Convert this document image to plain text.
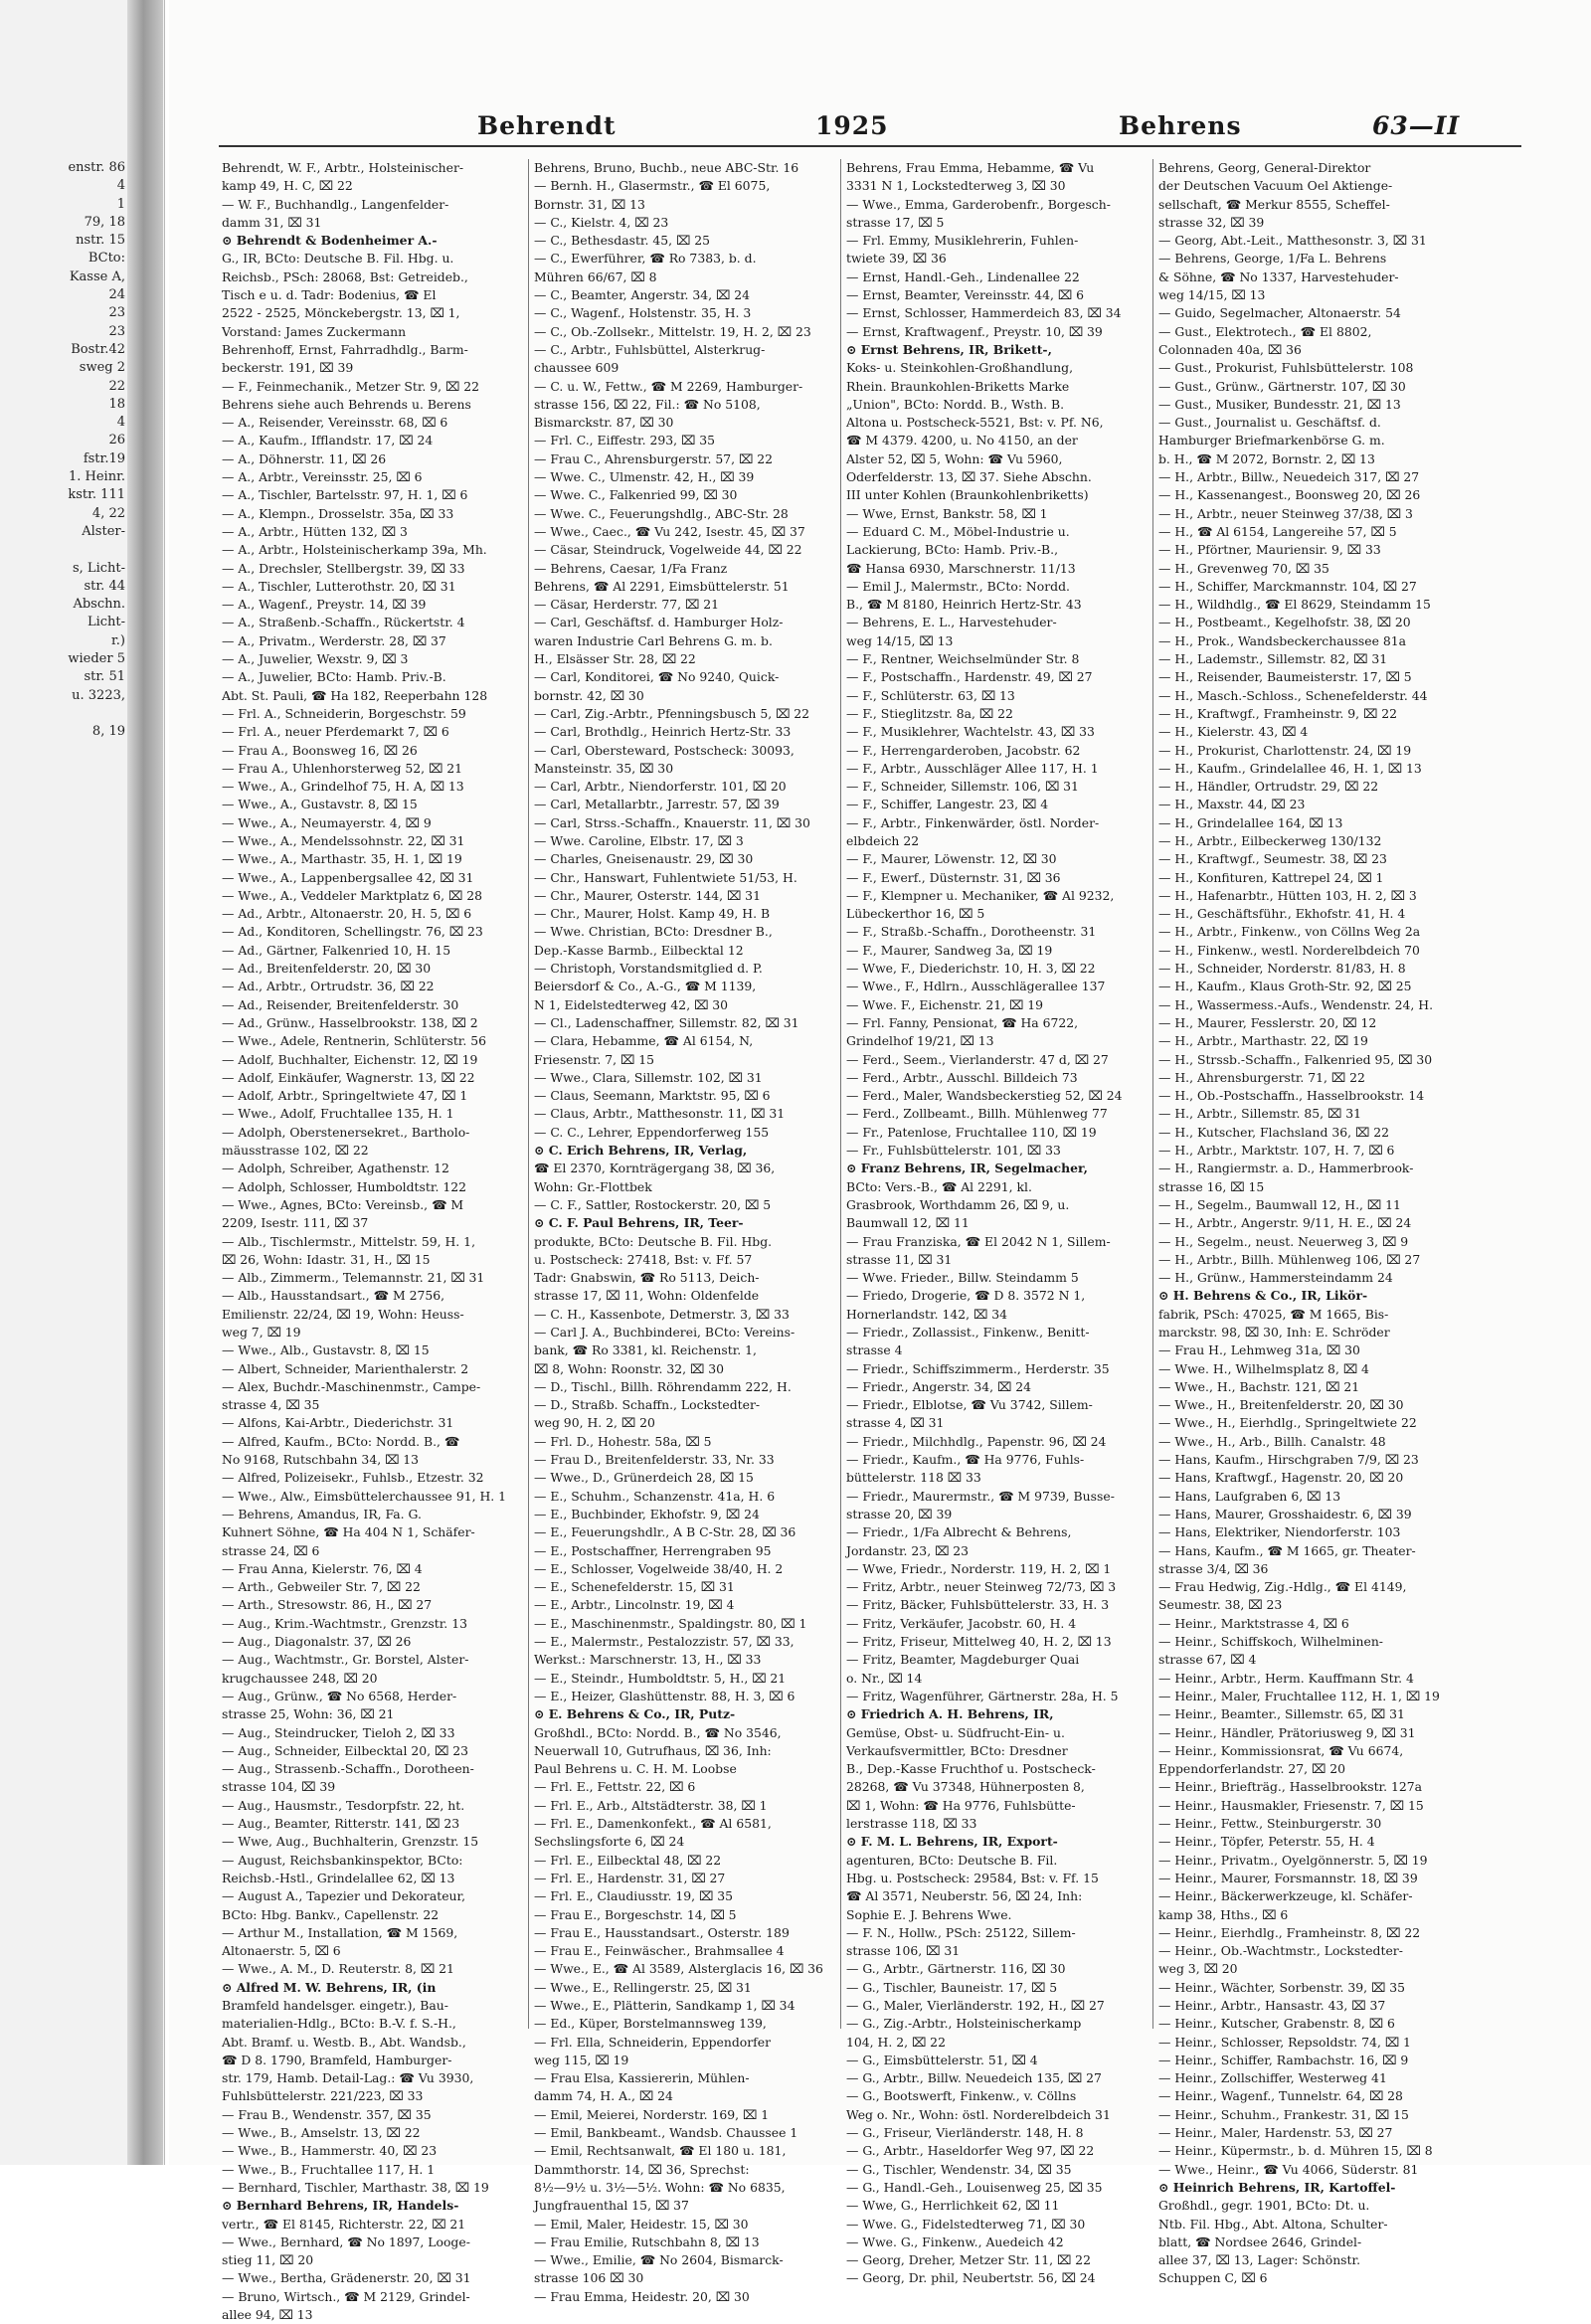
enstr. 86
4
1
79, 18
nstr. 15
BCto:
Kasse A,
24
23
23
Bostr.42
sweg 2
22
18
4
26
fstr.19
1. Heinr.
kstr. 111
4, 22
Alster-
s, Licht-
str. 44
Abschn.
Licht-
r.)
wieder 5
str. 51
u. 3223,
8, 19
Behrendt	1925	Behrens	63—II
Behrendt, W. F., Arbtr., Holsteinischer-
kamp 49, H. C, ⌧ 22
— W. F., Buchhandlg., Langenfelder-
damm 31, ⌧ 31
⊙ Behrendt & Bodenheimer A.-
G., IR, BCto: Deutsche B. Fil. Hbg. u.
Reichsb., PSch: 28068, Bst: Getreideb.,
Tisch e u. d. Tadr: Bodenius, ☎ El
2522 - 2525, Mönckebergstr. 13, ⌧ 1,
Vorstand: James Zuckermann
Behrenhoff, Ernst, Fahrradhdlg., Barm-
beckerstr. 191, ⌧ 39
— F., Feinmechanik., Metzer Str. 9, ⌧ 22
Behrens siehe auch Behrends u. Berens
— A., Reisender, Vereinsstr. 68, ⌧ 6
— A., Kaufm., Ifflandstr. 17, ⌧ 24
— A., Döhnerstr. 11, ⌧ 26
— A., Arbtr., Vereinsstr. 25, ⌧ 6
— A., Tischler, Bartelsstr. 97, H. 1, ⌧ 6
— A., Klempn., Drosselstr. 35a, ⌧ 33
— A., Arbtr., Hütten 132, ⌧ 3
— A., Arbtr., Holsteinischerkamp 39a, Mh.
— A., Drechsler, Stellbergstr. 39, ⌧ 33
— A., Tischler, Lutterothstr. 20, ⌧ 31
— A., Wagenf., Preystr. 14, ⌧ 39
— A., Straßenb.-Schaffn., Rückertstr. 4
— A., Privatm., Werderstr. 28, ⌧ 37
— A., Juwelier, Wexstr. 9, ⌧ 3
— A., Juwelier, BCto: Hamb. Priv.-B.
Abt. St. Pauli, ☎ Ha 182, Reeperbahn 128
— Frl. A., Schneiderin, Borgeschstr. 59
— Frl. A., neuer Pferdemarkt 7, ⌧ 6
— Frau A., Boonsweg 16, ⌧ 26
— Frau A., Uhlenhorsterweg 52, ⌧ 21
— Wwe., A., Grindelhof 75, H. A, ⌧ 13
— Wwe., A., Gustavstr. 8, ⌧ 15
— Wwe., A., Neumayerstr. 4, ⌧ 9
— Wwe., A., Mendelssohnstr. 22, ⌧ 31
— Wwe., A., Marthastr. 35, H. 1, ⌧ 19
— Wwe., A., Lappenbergsallee 42, ⌧ 31
— Wwe., A., Veddeler Marktplatz 6, ⌧ 28
— Ad., Arbtr., Altonaerstr. 20, H. 5, ⌧ 6
— Ad., Konditoren, Schellingstr. 76, ⌧ 23
— Ad., Gärtner, Falkenried 10, H. 15
— Ad., Breitenfelderstr. 20, ⌧ 30
— Ad., Arbtr., Ortrudstr. 36, ⌧ 22
— Ad., Reisender, Breitenfelderstr. 30
— Ad., Grünw., Hasselbrookstr. 138, ⌧ 2
— Wwe., Adele, Rentnerin, Schlüterstr. 56
— Adolf, Buchhalter, Eichenstr. 12, ⌧ 19
— Adolf, Einkäufer, Wagnerstr. 13, ⌧ 22
— Adolf, Arbtr., Springeltwiete 47, ⌧ 1
— Wwe., Adolf, Fruchtallee 135, H. 1
— Adolph, Oberstenersekret., Bartholo-
mäusstrasse 102, ⌧ 22
— Adolph, Schreiber, Agathenstr. 12
— Adolph, Schlosser, Humboldtstr. 122
— Wwe., Agnes, BCto: Vereinsb., ☎ M
2209, Isestr. 111, ⌧ 37
— Alb., Tischlermstr., Mittelstr. 59, H. 1,
⌧ 26, Wohn: Idastr. 31, H., ⌧ 15
— Alb., Zimmerm., Telemannstr. 21, ⌧ 31
— Alb., Hausstandsart., ☎ M 2756,
Emilienstr. 22/24, ⌧ 19, Wohn: Heuss-
weg 7, ⌧ 19
— Wwe., Alb., Gustavstr. 8, ⌧ 15
— Albert, Schneider, Marienthalerstr. 2
— Alex, Buchdr.-Maschinenmstr., Campe-
strasse 4, ⌧ 35
— Alfons, Kai-Arbtr., Diederichstr. 31
— Alfred, Kaufm., BCto: Nordd. B., ☎
No 9168, Rutschbahn 34, ⌧ 13
— Alfred, Polizeisekr., Fuhlsb., Etzestr. 32
— Wwe., Alw., Eimsbüttelerchaussee 91, H. 1
— Behrens, Amandus, IR, Fa. G.
Kuhnert Söhne, ☎ Ha 404 N 1, Schäfer-
strasse 24, ⌧ 6
— Frau Anna, Kielerstr. 76, ⌧ 4
— Arth., Gebweiler Str. 7, ⌧ 22
— Arth., Stresowstr. 86, H., ⌧ 27
— Aug., Krim.-Wachtmstr., Grenzstr. 13
— Aug., Diagonalstr. 37, ⌧ 26
— Aug., Wachtmstr., Gr. Borstel, Alster-
krugchaussee 248, ⌧ 20
— Aug., Grünw., ☎ No 6568, Herder-
strasse 25, Wohn: 36, ⌧ 21
— Aug., Steindrucker, Tieloh 2, ⌧ 33
— Aug., Schneider, Eilbecktal 20, ⌧ 23
— Aug., Strassenb.-Schaffn., Dorotheen-
strasse 104, ⌧ 39
— Aug., Hausmstr., Tesdorpfstr. 22, ht.
— Aug., Beamter, Ritterstr. 141, ⌧ 23
— Wwe, Aug., Buchhalterin, Grenzstr. 15
— August, Reichsbankinspektor, BCto:
Reichsb.-Hstl., Grindelallee 62, ⌧ 13
— August A., Tapezier und Dekorateur,
BCto: Hbg. Bankv., Capellenstr. 22
— Arthur M., Installation, ☎ M 1569,
Altonaerstr. 5, ⌧ 6
— Wwe., A. M., D. Reuterstr. 8, ⌧ 21
⊙ Alfred M. W. Behrens, IR, (in
Bramfeld handelsger. eingetr.), Bau-
materialien-Hdlg., BCto: B.-V. f. S.-H.,
Abt. Bramf. u. Westb. B., Abt. Wandsb.,
☎ D 8. 1790, Bramfeld, Hamburger-
str. 179, Hamb. Detail-Lag.: ☎ Vu 3930,
Fuhlsbüttelerstr. 221/223, ⌧ 33
— Frau B., Wendenstr. 357, ⌧ 35
— Wwe., B., Amselstr. 13, ⌧ 22
— Wwe., B., Hammerstr. 40, ⌧ 23
— Wwe., B., Fruchtallee 117, H. 1
— Bernhard, Tischler, Marthastr. 38, ⌧ 19
⊙ Bernhard Behrens, IR, Handels-
vertr., ☎ El 8145, Richterstr. 22, ⌧ 21
— Wwe., Bernhard, ☎ No 1897, Looge-
stieg 11, ⌧ 20
— Wwe., Bertha, Grädenerstr. 20, ⌧ 31
— Bruno, Wirtsch., ☎ M 2129, Grindel-
allee 94, ⌧ 13
Behrens, Bruno, Buchb., neue ABC-Str. 16
— Bernh. H., Glasermstr., ☎ El 6075,
Bornstr. 31, ⌧ 13
— C., Kielstr. 4, ⌧ 23
— C., Bethesdastr. 45, ⌧ 25
— C., Ewerführer, ☎ Ro 7383, b. d.
Mühren 66/67, ⌧ 8
— C., Beamter, Angerstr. 34, ⌧ 24
— C., Wagenf., Holstenstr. 35, H. 3
— C., Ob.-Zollsekr., Mittelstr. 19, H. 2, ⌧ 23
— C., Arbtr., Fuhlsbüttel, Alsterkrug-
chaussee 609
— C. u. W., Fettw., ☎ M 2269, Hamburger-
strasse 156, ⌧ 22, Fil.: ☎ No 5108,
Bismarckstr. 87, ⌧ 30
— Frl. C., Eiffestr. 293, ⌧ 35
— Frau C., Ahrensburgerstr. 57, ⌧ 22
— Wwe. C., Ulmenstr. 42, H., ⌧ 39
— Wwe. C., Falkenried 99, ⌧ 30
— Wwe. C., Feuerungshdlg., ABC-Str. 28
— Wwe., Caec., ☎ Vu 242, Isestr. 45, ⌧ 37
— Cäsar, Steindruck, Vogelweide 44, ⌧ 22
— Behrens, Caesar, 1/Fa Franz
Behrens, ☎ Al 2291, Eimsbüttelerstr. 51
— Cäsar, Herderstr. 77, ⌧ 21
— Carl, Geschäftsf. d. Hamburger Holz-
waren Industrie Carl Behrens G. m. b.
H., Elsässer Str. 28, ⌧ 22
— Carl, Konditorei, ☎ No 9240, Quick-
bornstr. 42, ⌧ 30
— Carl, Zig.-Arbtr., Pfenningsbusch 5, ⌧ 22
— Carl, Brothdlg., Heinrich Hertz-Str. 33
— Carl, Obersteward, Postscheck: 30093,
Mansteinstr. 35, ⌧ 30
— Carl, Arbtr., Niendorferstr. 101, ⌧ 20
— Carl, Metallarbtr., Jarrestr. 57, ⌧ 39
— Carl, Strss.-Schaffn., Knauerstr. 11, ⌧ 30
— Wwe. Caroline, Elbstr. 17, ⌧ 3
— Charles, Gneisenaustr. 29, ⌧ 30
— Chr., Hanswart, Fuhlentwiete 51/53, H.
— Chr., Maurer, Osterstr. 144, ⌧ 31
— Chr., Maurer, Holst. Kamp 49, H. B
— Wwe. Christian, BCto: Dresdner B.,
Dep.-Kasse Barmb., Eilbecktal 12
— Christoph, Vorstandsmitglied d. P.
Beiersdorf & Co., A.-G., ☎ M 1139,
N 1, Eidelstedterweg 42, ⌧ 30
— Cl., Ladenschaffner, Sillemstr. 82, ⌧ 31
— Clara, Hebamme, ☎ Al 6154, N,
Friesenstr. 7, ⌧ 15
— Wwe., Clara, Sillemstr. 102, ⌧ 31
— Claus, Seemann, Marktstr. 95, ⌧ 6
— Claus, Arbtr., Matthesonstr. 11, ⌧ 31
— C. C., Lehrer, Eppendorferweg 155
⊙ C. Erich Behrens, IR, Verlag,
☎ El 2370, Kornträgergang 38, ⌧ 36,
Wohn: Gr.-Flottbek
— C. F., Sattler, Rostockerstr. 20, ⌧ 5
⊙ C. F. Paul Behrens, IR, Teer-
produkte, BCto: Deutsche B. Fil. Hbg.
u. Postscheck: 27418, Bst: v. Ff. 57
Tadr: Gnabswin, ☎ Ro 5113, Deich-
strasse 17, ⌧ 11, Wohn: Oldenfelde
— C. H., Kassenbote, Detmerstr. 3, ⌧ 33
— Carl J. A., Buchbinderei, BCto: Vereins-
bank, ☎ Ro 3381, kl. Reichenstr. 1,
⌧ 8, Wohn: Roonstr. 32, ⌧ 30
— D., Tischl., Billh. Röhrendamm 222, H.
— D., Straßb. Schaffn., Lockstedter-
weg 90, H. 2, ⌧ 20
— Frl. D., Hohestr. 58a, ⌧ 5
— Frau D., Breitenfelderstr. 33, Nr. 33
— Wwe., D., Grünerdeich 28, ⌧ 15
— E., Schuhm., Schanzenstr. 41a, H. 6
— E., Buchbinder, Ekhofstr. 9, ⌧ 24
— E., Feuerungshdlr., A B C-Str. 28, ⌧ 36
— E., Postschaffner, Herrengraben 95
— E., Schlosser, Vogelweide 38/40, H. 2
— E., Schenefelderstr. 15, ⌧ 31
— E., Arbtr., Lincolnstr. 19, ⌧ 4
— E., Maschinenmstr., Spaldingstr. 80, ⌧ 1
— E., Malermstr., Pestalozzistr. 57, ⌧ 33,
Werkst.: Marschnerstr. 13, H., ⌧ 33
— E., Steindr., Humboldtstr. 5, H., ⌧ 21
— E., Heizer, Glashüttenstr. 88, H. 3, ⌧ 6
⊙ E. Behrens & Co., IR, Putz-
Großhdl., BCto: Nordd. B., ☎ No 3546,
Neuerwall 10, Gutrufhaus, ⌧ 36, Inh:
Paul Behrens u. C. H. M. Loobse
— Frl. E., Fettstr. 22, ⌧ 6
— Frl. E., Arb., Altstädterstr. 38, ⌧ 1
— Frl. E., Damenkonfekt., ☎ Al 6581,
Sechslingsforte 6, ⌧ 24
— Frl. E., Eilbecktal 48, ⌧ 22
— Frl. E., Hardenstr. 31, ⌧ 27
— Frl. E., Claudiusstr. 19, ⌧ 35
— Frau E., Borgeschstr. 14, ⌧ 5
— Frau E., Hausstandsart., Osterstr. 189
— Frau E., Feinwäscher., Brahmsallee 4
— Wwe., E., ☎ Al 3589, Alsterglacis 16, ⌧ 36
— Wwe., E., Rellingerstr. 25, ⌧ 31
— Wwe., E., Plätterin, Sandkamp 1, ⌧ 34
— Ed., Küper, Borstelmannsweg 139,
— Frl. Ella, Schneiderin, Eppendorfer
weg 115, ⌧ 19
— Frau Elsa, Kassiererin, Mühlen-
damm 74, H. A., ⌧ 24
— Emil, Meierei, Norderstr. 169, ⌧ 1
— Emil, Bankbeamt., Wandsb. Chaussee 1
— Emil, Rechtsanwalt, ☎ El 180 u. 181,
Dammthorstr. 14, ⌧ 36, Sprechst:
8½—9½ u. 3½—5½. Wohn: ☎ No 6835,
Jungfrauenthal 15, ⌧ 37
— Emil, Maler, Heidestr. 15, ⌧ 30
— Frau Emilie, Rutschbahn 8, ⌧ 13
— Wwe., Emilie, ☎ No 2604, Bismarck-
strasse 106 ⌧ 30
— Frau Emma, Heidestr. 20, ⌧ 30
Behrens, Frau Emma, Hebamme, ☎ Vu
3331 N 1, Lockstedterweg 3, ⌧ 30
— Wwe., Emma, Garderobenfr., Borgesch-
strasse 17, ⌧ 5
— Frl. Emmy, Musiklehrerin, Fuhlen-
twiete 39, ⌧ 36
— Ernst, Handl.-Geh., Lindenallee 22
— Ernst, Beamter, Vereinsstr. 44, ⌧ 6
— Ernst, Schlosser, Hammerdeich 83, ⌧ 34
— Ernst, Kraftwagenf., Preystr. 10, ⌧ 39
⊙ Ernst Behrens, IR, Brikett-,
Koks- u. Steinkohlen-Großhandlung,
Rhein. Braunkohlen-Briketts Marke
„Union", BCto: Nordd. B., Wsth. B.
Altona u. Postscheck-5521, Bst: v. Pf. N6,
☎ M 4379. 4200, u. No 4150, an der
Alster 52, ⌧ 5, Wohn: ☎ Vu 5960,
Oderfelderstr. 13, ⌧ 37. Siehe Abschn.
III unter Kohlen (Braunkohlenbriketts)
— Wwe, Ernst, Bankstr. 58, ⌧ 1
— Eduard C. M., Möbel-Industrie u.
Lackierung, BCto: Hamb. Priv.-B.,
☎ Hansa 6930, Marschnerstr. 11/13
— Emil J., Malermstr., BCto: Nordd.
B., ☎ M 8180, Heinrich Hertz-Str. 43
— Behrens, E. L., Harvestehuder-
weg 14/15, ⌧ 13
— F., Rentner, Weichselmünder Str. 8
— F., Postschaffn., Hardenstr. 49, ⌧ 27
— F., Schlüterstr. 63, ⌧ 13
— F., Stieglitzstr. 8a, ⌧ 22
— F., Musiklehrer, Wachtelstr. 43, ⌧ 33
— F., Herrengarderoben, Jacobstr. 62
— F., Arbtr., Ausschläger Allee 117, H. 1
— F., Schneider, Sillemstr. 106, ⌧ 31
— F., Schiffer, Langestr. 23, ⌧ 4
— F., Arbtr., Finkenwärder, östl. Norder-
elbdeich 22
— F., Maurer, Löwenstr. 12, ⌧ 30
— F., Ewerf., Düsternstr. 31, ⌧ 36
— F., Klempner u. Mechaniker, ☎ Al 9232,
Lübeckerthor 16, ⌧ 5
— F., Straßb.-Schaffn., Dorotheenstr. 31
— F., Maurer, Sandweg 3a, ⌧ 19
— Wwe, F., Diederichstr. 10, H. 3, ⌧ 22
— Wwe., F., Hdlrn., Ausschlägerallee 137
— Wwe. F., Eichenstr. 21, ⌧ 19
— Frl. Fanny, Pensionat, ☎ Ha 6722,
Grindelhof 19/21, ⌧ 13
— Ferd., Seem., Vierlanderstr. 47 d, ⌧ 27
— Ferd., Arbtr., Ausschl. Billdeich 73
— Ferd., Maler, Wandsbeckerstieg 52, ⌧ 24
— Ferd., Zollbeamt., Billh. Mühlenweg 77
— Fr., Patenlose, Fruchtallee 110, ⌧ 19
— Fr., Fuhlsbüttelerstr. 101, ⌧ 33
⊙ Franz Behrens, IR, Segelmacher,
BCto: Vers.-B., ☎ Al 2291, kl.
Grasbrook, Worthdamm 26, ⌧ 9, u.
Baumwall 12, ⌧ 11
— Frau Franziska, ☎ El 2042 N 1, Sillem-
strasse 11, ⌧ 31
— Wwe. Frieder., Billw. Steindamm 5
— Friedo, Drogerie, ☎ D 8. 3572 N 1,
Hornerlandstr. 142, ⌧ 34
— Friedr., Zollassist., Finkenw., Benitt-
strasse 4
— Friedr., Schiffszimmerm., Herderstr. 35
— Friedr., Angerstr. 34, ⌧ 24
— Friedr., Elblotse, ☎ Vu 3742, Sillem-
strasse 4, ⌧ 31
— Friedr., Milchhdlg., Papenstr. 96, ⌧ 24
— Friedr., Kaufm., ☎ Ha 9776, Fuhls-
büttelerstr. 118 ⌧ 33
— Friedr., Maurermstr., ☎ M 9739, Busse-
strasse 20, ⌧ 39
— Friedr., 1/Fa Albrecht & Behrens,
Jordanstr. 23, ⌧ 23
— Wwe, Friedr., Norderstr. 119, H. 2, ⌧ 1
— Fritz, Arbtr., neuer Steinweg 72/73, ⌧ 3
— Fritz, Bäcker, Fuhlsbüttelerstr. 33, H. 3
— Fritz, Verkäufer, Jacobstr. 60, H. 4
— Fritz, Friseur, Mittelweg 40, H. 2, ⌧ 13
— Fritz, Beamter, Magdeburger Quai
o. Nr., ⌧ 14
— Fritz, Wagenführer, Gärtnerstr. 28a, H. 5
⊙ Friedrich A. H. Behrens, IR,
Gemüse, Obst- u. Südfrucht-Ein- u.
Verkaufsvermittler, BCto: Dresdner
B., Dep.-Kasse Fruchthof u. Postscheck-
28268, ☎ Vu 37348, Hühnerposten 8,
⌧ 1, Wohn: ☎ Ha 9776, Fuhlsbütte-
lerstrasse 118, ⌧ 33
⊙ F. M. L. Behrens, IR, Export-
agenturen, BCto: Deutsche B. Fil.
Hbg. u. Postscheck: 29584, Bst: v. Ff. 15
☎ Al 3571, Neuberstr. 56, ⌧ 24, Inh:
Sophie E. J. Behrens Wwe.
— F. N., Hollw., PSch: 25122, Sillem-
strasse 106, ⌧ 31
— G., Arbtr., Gärtnerstr. 116, ⌧ 30
— G., Tischler, Bauneistr. 17, ⌧ 5
— G., Maler, Vierländerstr. 192, H., ⌧ 27
— G., Zig.-Arbtr., Holsteinischerkamp
104, H. 2, ⌧ 22
— G., Eimsbüttelerstr. 51, ⌧ 4
— G., Arbtr., Billw. Neuedeich 135, ⌧ 27
— G., Bootswerft, Finkenw., v. Cöllns
Weg o. Nr., Wohn: östl. Norderelbdeich 31
— G., Friseur, Vierländerstr. 148, H. 8
— G., Arbtr., Haseldorfer Weg 97, ⌧ 22
— G., Tischler, Wendenstr. 34, ⌧ 35
— G., Handl.-Geh., Louisenweg 25, ⌧ 35
— Wwe, G., Herrlichkeit 62, ⌧ 11
— Wwe. G., Fidelstedterweg 71, ⌧ 30
— Wwe. G., Finkenw., Auedeich 42
— Georg, Dreher, Metzer Str. 11, ⌧ 22
— Georg, Dr. phil, Neubertstr. 56, ⌧ 24
Behrens, Georg, General-Direktor
der Deutschen Vacuum Oel Aktienge-
sellschaft, ☎ Merkur 8555, Scheffel-
strasse 32, ⌧ 39
— Georg, Abt.-Leit., Matthesonstr. 3, ⌧ 31
— Behrens, George, 1/Fa L. Behrens
& Söhne, ☎ No 1337, Harvestehuder-
weg 14/15, ⌧ 13
— Guido, Segelmacher, Altonaerstr. 54
— Gust., Elektrotech., ☎ El 8802,
Colonnaden 40a, ⌧ 36
— Gust., Prokurist, Fuhlsbüttelerstr. 108
— Gust., Grünw., Gärtnerstr. 107, ⌧ 30
— Gust., Musiker, Bundesstr. 21, ⌧ 13
— Gust., Journalist u. Geschäftsf. d.
Hamburger Briefmarkenbörse G. m.
b. H., ☎ M 2072, Bornstr. 2, ⌧ 13
— H., Arbtr., Billw., Neuedeich 317, ⌧ 27
— H., Kassenangest., Boonsweg 20, ⌧ 26
— H., Arbtr., neuer Steinweg 37/38, ⌧ 3
— H., ☎ Al 6154, Langereihe 57, ⌧ 5
— H., Pförtner, Mauriensir. 9, ⌧ 33
— H., Grevenweg 70, ⌧ 35
— H., Schiffer, Marckmannstr. 104, ⌧ 27
— H., Wildhdlg., ☎ El 8629, Steindamm 15
— H., Postbeamt., Kegelhofstr. 38, ⌧ 20
— H., Prok., Wandsbeckerchaussee 81a
— H., Lademstr., Sillemstr. 82, ⌧ 31
— H., Reisender, Baumeisterstr. 17, ⌧ 5
— H., Masch.-Schloss., Schenefelderstr. 44
— H., Kraftwgf., Framheinstr. 9, ⌧ 22
— H., Kielerstr. 43, ⌧ 4
— H., Prokurist, Charlottenstr. 24, ⌧ 19
— H., Kaufm., Grindelallee 46, H. 1, ⌧ 13
— H., Händler, Ortrudstr. 29, ⌧ 22
— H., Maxstr. 44, ⌧ 23
— H., Grindelallee 164, ⌧ 13
— H., Arbtr., Eilbeckerweg 130/132
— H., Kraftwgf., Seumestr. 38, ⌧ 23
— H., Konfituren, Kattrepel 24, ⌧ 1
— H., Hafenarbtr., Hütten 103, H. 2, ⌧ 3
— H., Geschäftsführ., Ekhofstr. 41, H. 4
— H., Arbtr., Finkenw., von Cöllns Weg 2a
— H., Finkenw., westl. Norderelbdeich 70
— H., Schneider, Norderstr. 81/83, H. 8
— H., Kaufm., Klaus Groth-Str. 92, ⌧ 25
— H., Wassermess.-Aufs., Wendenstr. 24, H.
— H., Maurer, Fesslerstr. 20, ⌧ 12
— H., Arbtr., Marthastr. 22, ⌧ 19
— H., Strssb.-Schaffn., Falkenried 95, ⌧ 30
— H., Ahrensburgerstr. 71, ⌧ 22
— H., Ob.-Postschaffn., Hasselbrookstr. 14
— H., Arbtr., Sillemstr. 85, ⌧ 31
— H., Kutscher, Flachsland 36, ⌧ 22
— H., Arbtr., Marktstr. 107, H. 7, ⌧ 6
— H., Rangiermstr. a. D., Hammerbrook-
strasse 16, ⌧ 15
— H., Segelm., Baumwall 12, H., ⌧ 11
— H., Arbtr., Angerstr. 9/11, H. E., ⌧ 24
— H., Segelm., neust. Neuerweg 3, ⌧ 9
— H., Arbtr., Billh. Mühlenweg 106, ⌧ 27
— H., Grünw., Hammersteindamm 24
⊙ H. Behrens & Co., IR, Likör-
fabrik, PSch: 47025, ☎ M 1665, Bis-
marckstr. 98, ⌧ 30, Inh: E. Schröder
— Frau H., Lehmweg 31a, ⌧ 30
— Wwe. H., Wilhelmsplatz 8, ⌧ 4
— Wwe., H., Bachstr. 121, ⌧ 21
— Wwe., H., Breitenfelderstr. 20, ⌧ 30
— Wwe., H., Eierhdlg., Springeltwiete 22
— Wwe., H., Arb., Billh. Canalstr. 48
— Hans, Kaufm., Hirschgraben 7/9, ⌧ 23
— Hans, Kraftwgf., Hagenstr. 20, ⌧ 20
— Hans, Laufgraben 6, ⌧ 13
— Hans, Maurer, Grosshaidestr. 6, ⌧ 39
— Hans, Elektriker, Niendorferstr. 103
— Hans, Kaufm., ☎ M 1665, gr. Theater-
strasse 3/4, ⌧ 36
— Frau Hedwig, Zig.-Hdlg., ☎ El 4149,
Seumestr. 38, ⌧ 23
— Heinr., Marktstrasse 4, ⌧ 6
— Heinr., Schiffskoch, Wilhelminen-
strasse 67, ⌧ 4
— Heinr., Arbtr., Herm. Kauffmann Str. 4
— Heinr., Maler, Fruchtallee 112, H. 1, ⌧ 19
— Heinr., Beamter., Sillemstr. 65, ⌧ 31
— Heinr., Händler, Prätoriusweg 9, ⌧ 31
— Heinr., Kommissionsrat, ☎ Vu 6674,
Eppendorferlandstr. 27, ⌧ 20
— Heinr., Briefträg., Hasselbrookstr. 127a
— Heinr., Hausmakler, Friesenstr. 7, ⌧ 15
— Heinr., Fettw., Steinburgerstr. 30
— Heinr., Töpfer, Peterstr. 55, H. 4
— Heinr., Privatm., Oyelgönnerstr. 5, ⌧ 19
— Heinr., Maurer, Forsmannstr. 18, ⌧ 39
— Heinr., Bäckerwerkzeuge, kl. Schäfer-
kamp 38, Hths., ⌧ 6
— Heinr., Eierhdlg., Framheinstr. 8, ⌧ 22
— Heinr., Ob.-Wachtmstr., Lockstedter-
weg 3, ⌧ 20
— Heinr., Wächter, Sorbenstr. 39, ⌧ 35
— Heinr., Arbtr., Hansastr. 43, ⌧ 37
— Heinr., Kutscher, Grabenstr. 8, ⌧ 6
— Heinr., Schlosser, Repsoldstr. 74, ⌧ 1
— Heinr., Schiffer, Rambachstr. 16, ⌧ 9
— Heinr., Zollschiffer, Westerweg 41
— Heinr., Wagenf., Tunnelstr. 64, ⌧ 28
— Heinr., Schuhm., Frankestr. 31, ⌧ 15
— Heinr., Maler, Hardenstr. 53, ⌧ 27
— Heinr., Küpermstr., b. d. Mühren 15, ⌧ 8
— Wwe., Heinr., ☎ Vu 4066, Süderstr. 81
⊙ Heinrich Behrens, IR, Kartoffel-
Großhdl., gegr. 1901, BCto: Dt. u.
Ntb. Fil. Hbg., Abt. Altona, Schulter-
blatt, ☎ Nordsee 2646, Grindel-
allee 37, ⌧ 13, Lager: Schönstr.
Schuppen C, ⌧ 6
